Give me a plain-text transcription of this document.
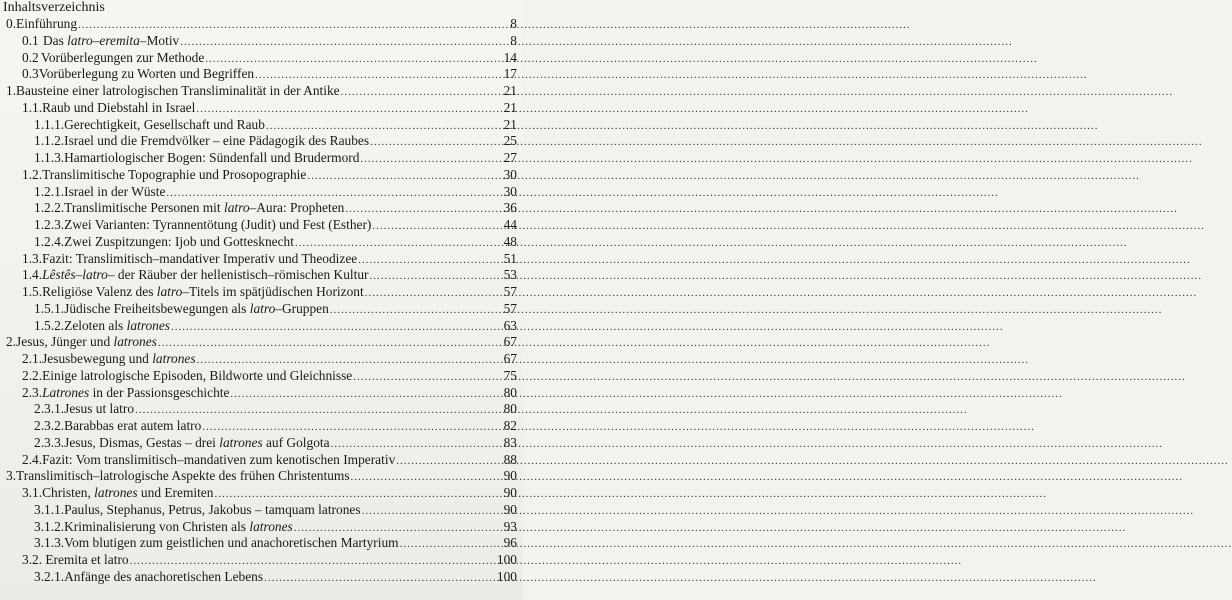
Inhaltsverzeichnis
0. Einführung .....	8
0.1 Das latro–eremita–Motiv .....	8
0.2 Vorüberlegungen zur Methode .....	14
0.3 Vorüberlegung zu Worten und Begriffen .....	17
1. Bausteine einer latrologischen Transliminalität in der Antike .....	21
1.1. Raub und Diebstahl in Israel .....	21
1.1.1. Gerechtigkeit, Gesellschaft und Raub .....	21
1.1.2. Israel und die Fremdvölker – eine Pädagogik des Raubes .....	25
1.1.3. Hamartiologischer Bogen: Sündenfall und Brudermord .....	27
1.2. Translimitische Topographie und Prosopographie .....	30
1.2.1. Israel in der Wüste .....	30
1.2.2. Translimitische Personen mit latro–Aura: Propheten .....	36
1.2.3. Zwei Varianten: Tyrannentötung (Judit) und Fest (Esther) .....	44
1.2.4. Zwei Zuspitzungen: Ijob und Gottesknecht .....	48
1.3. Fazit: Translimitisch–mandativer Imperativ und Theodizee .....	51
1.4. Lêstês–latro– der Räuber der hellenistisch–römischen Kultur .....	53
1.5. Religiöse Valenz des latro–Titels im spätjüdischen Horizont .....	57
1.5.1. Jüdische Freiheitsbewegungen als latro–Gruppen .....	57
1.5.2. Zeloten als latrones .....	63
2. Jesus, Jünger und latrones .....	67
2.1. Jesusbewegung und latrones .....	67
2.2. Einige latrologische Episoden, Bildworte und Gleichnisse .....	75
2.3. Latrones in der Passionsgeschichte .....	80
2.3.1. Jesus ut latro .....	80
2.3.2. Barabbas erat autem latro .....	82
2.3.3. Jesus, Dismas, Gestas – drei latrones auf Golgota .....	83
2.4. Fazit: Vom translimitisch–mandativen zum kenotischen Imperativ .....	88
3. Translimitisch–latrologische Aspekte des frühen Christentums .....	90
3.1. Christen, latrones und Eremiten .....	90
3.1.1. Paulus, Stephanus, Petrus, Jakobus – tamquam latrones .....	90
3.1.2. Kriminalisierung von Christen als latrones .....	93
3.1.3. Vom blutigen zum geistlichen und anachoretischen Martyrium .....	96
3.2. Eremita et latro .....	100
3.2.1. Anfänge des anachoretischen Lebens .....	100
